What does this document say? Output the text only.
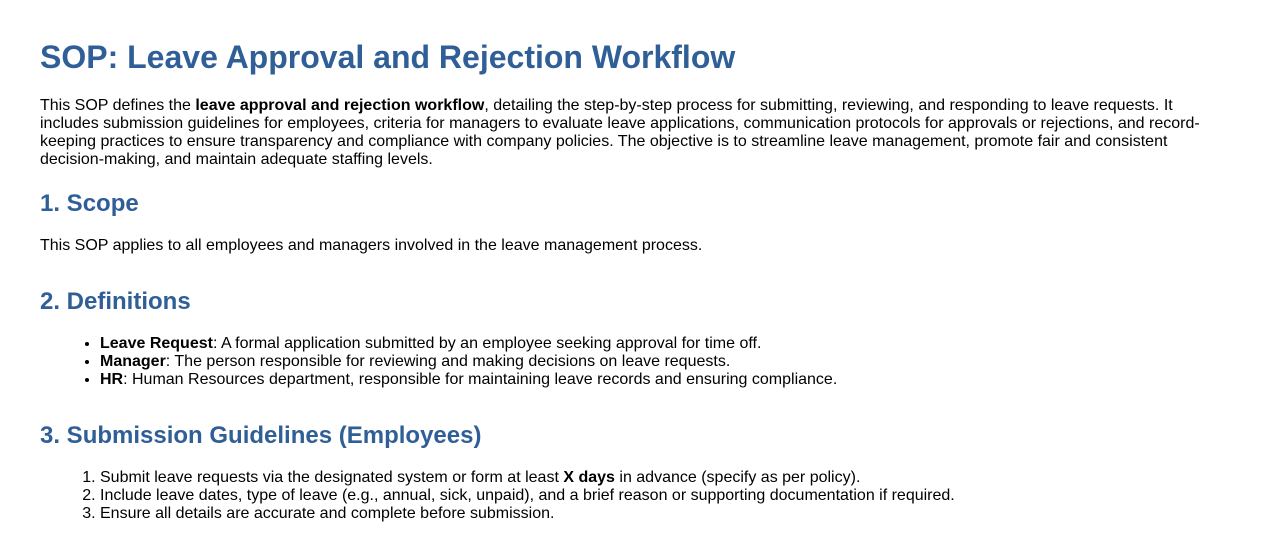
SOP: Leave Approval and Rejection Workflow

This SOP defines the leave approval and rejection workflow, detailing the step-by-step process for submitting, reviewing, and responding to leave requests. It includes submission guidelines for employees, criteria for managers to evaluate leave applications, communication protocols for approvals or rejections, and record-keeping practices to ensure transparency and compliance with company policies. The objective is to streamline leave management, promote fair and consistent decision-making, and maintain adequate staffing levels.

1. Scope

This SOP applies to all employees and managers involved in the leave management process.

2. Definitions
• Leave Request: A formal application submitted by an employee seeking approval for time off.
• Manager: The person responsible for reviewing and making decisions on leave requests.
• HR: Human Resources department, responsible for maintaining leave records and ensuring compliance.
3. Submission Guidelines (Employees)
1. Submit leave requests via the designated system or form at least X days in advance (specify as per policy).
2. Include leave dates, type of leave (e.g., annual, sick, unpaid), and a brief reason or supporting documentation if required.
3. Ensure all details are accurate and complete before submission.
